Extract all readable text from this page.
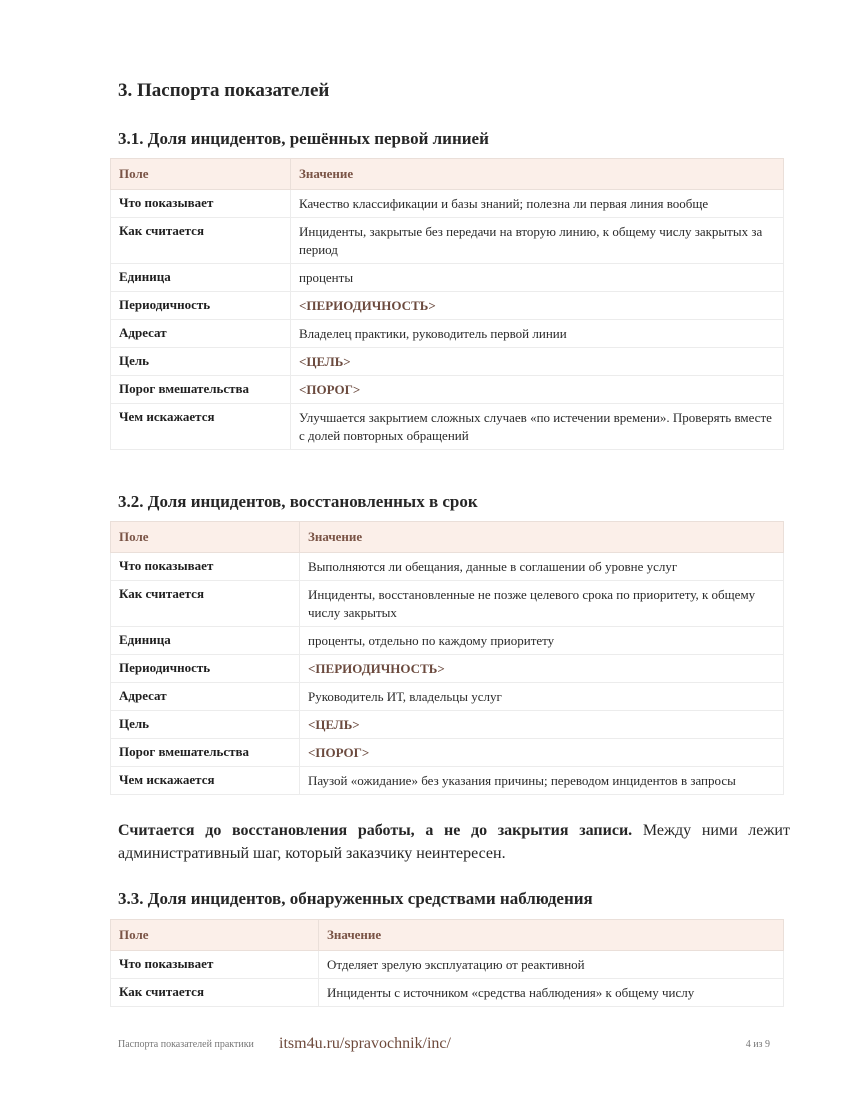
3. Паспорта показателей
3.1. Доля инцидентов, решённых первой линией
Поле	Значение
Что показывает	Качество классификации и базы знаний; полезна ли первая линия вообще
Как считается	Инциденты, закрытые без передачи на вторую линию, к общему числу закрытых за период
Единица	проценты
Периодичность	<ПЕРИОДИЧНОСТЬ>
Адресат	Владелец практики, руководитель первой линии
Цель	<ЦЕЛЬ>
Порог вмешательства	<ПОРОГ>
Чем искажается	Улучшается закрытием сложных случаев «по истечении времени». Проверять вместе с долей повторных обращений
3.2. Доля инцидентов, восстановленных в срок
Поле	Значение
Что показывает	Выполняются ли обещания, данные в соглашении об уровне услуг
Как считается	Инциденты, восстановленные не позже целевого срока по приоритету, к общему числу закрытых
Единица	проценты, отдельно по каждому приоритету
Периодичность	<ПЕРИОДИЧНОСТЬ>
Адресат	Руководитель ИТ, владельцы услуг
Цель	<ЦЕЛЬ>
Порог вмешательства	<ПОРОГ>
Чем искажается	Паузой «ожидание» без указания причины; переводом инцидентов в запросы

Считается до восстановления работы, а не до закрытия записи. Между ними лежит административный шаг, который заказчику неинтересен.

3.3. Доля инцидентов, обнаруженных средствами наблюдения
Поле	Значение
Что показывает	Отделяет зрелую эксплуатацию от реактивной
Как считается	Инциденты с источником «средства наблюдения» к общему числу
Паспорта показателей практики itsm4u.ru/spravochnik/inc/	4 из 9
